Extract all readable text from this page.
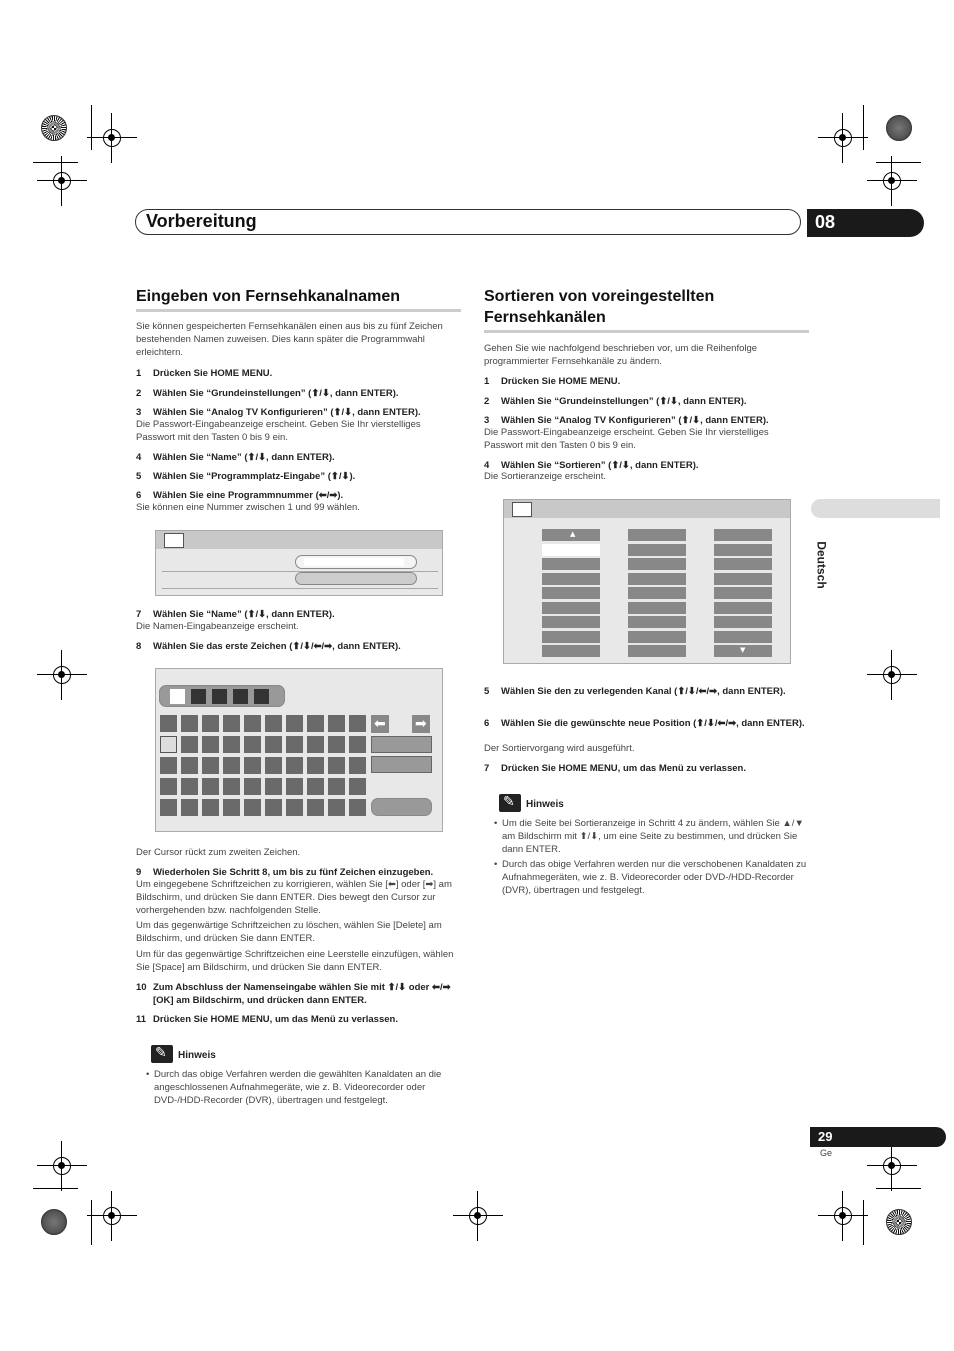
Vorbereitung	08
Deutsch
Eingeben von Fernsehkanalnamen

Sie können gespeicherten Fernsehkanälen einen aus bis zu fünf Zeichen bestehenden Namen zuweisen. Dies kann später die Programmwahl erleichtern.

1 Drücken Sie HOME MENU.
2 Wählen Sie “Grundeinstellungen” (⬆/⬇, dann ENTER).
3 Wählen Sie “Analog TV Konfigurieren” (⬆/⬇, dann ENTER).

Die Passwort-Eingabeanzeige erscheint. Geben Sie Ihr vierstelliges Passwort mit den Tasten 0 bis 9 ein.

4 Wählen Sie “Name” (⬆/⬇, dann ENTER).
5 Wählen Sie “Programmplatz-Eingabe” (⬆/⬇).
6 Wählen Sie eine Programmnummer (⬅/➡).

Sie können eine Nummer zwischen 1 und 99 wählen.

7 Wählen Sie “Name” (⬆/⬇, dann ENTER).

Die Namen-Eingabeanzeige erscheint.

8 Wählen Sie das erste Zeichen (⬆/⬇/⬅/➡, dann ENTER).
⬅ ➡

Der Cursor rückt zum zweiten Zeichen.

9 Wiederholen Sie Schritt 8, um bis zu fünf Zeichen einzugeben.

Um eingegebene Schriftzeichen zu korrigieren, wählen Sie [⬅] oder [➡] am Bildschirm, und drücken Sie dann ENTER. Dies bewegt den Cursor zur vorhergehenden bzw. nachfolgenden Stelle.

Um das gegenwärtige Schriftzeichen zu löschen, wählen Sie [Delete] am Bildschirm, und drücken Sie dann ENTER.

Um für das gegenwärtige Schriftzeichen eine Leerstelle einzufügen, wählen Sie [Space] am Bildschirm, und drücken Sie dann ENTER.

10 Zum Abschluss der Namenseingabe wählen Sie mit ⬆/⬇ oder ⬅/➡ [OK] am Bildschirm, und drücken dann ENTER.
11 Drücken Sie HOME MENU, um das Menü zu verlassen.
✎
Hinweis
• Durch das obige Verfahren werden die gewählten Kanaldaten an die angeschlossenen Aufnahmegeräte, wie z. B. Videorecorder oder DVD-/HDD-Recorder (DVR), übertragen und festgelegt.

Sortieren von voreingestellten
Fernsehkanälen

Gehen Sie wie nachfolgend beschrieben vor, um die Reihenfolge programmierter Fernsehkanäle zu ändern.

1 Drücken Sie HOME MENU.
2 Wählen Sie “Grundeinstellungen” (⬆/⬇, dann ENTER).
3 Wählen Sie “Analog TV Konfigurieren” (⬆/⬇, dann ENTER).

Die Passwort-Eingabeanzeige erscheint. Geben Sie Ihr vierstelliges Passwort mit den Tasten 0 bis 9 ein.

4 Wählen Sie “Sortieren” (⬆/⬇, dann ENTER).

Die Sortieranzeige erscheint.

▲
▼
5 Wählen Sie den zu verlegenden Kanal (⬆/⬇/⬅/➡, dann ENTER).
6 Wählen Sie die gewünschte neue Position (⬆/⬇/⬅/➡, dann ENTER).

Der Sortiervorgang wird ausgeführt.

7 Drücken Sie HOME MENU, um das Menü zu verlassen.
✎
Hinweis
• Um die Seite bei Sortieranzeige in Schritt 4 zu ändern, wählen Sie ▲/▼ am Bildschirm mit ⬆/⬇, um eine Seite zu bestimmen, und drücken Sie dann ENTER.

• Durch das obige Verfahren werden nur die verschobenen Kanaldaten zu Aufnahmegeräten, wie z. B. Videorecorder oder DVD-/HDD-Recorder (DVR), übertragen und festgelegt.

29
Ge
